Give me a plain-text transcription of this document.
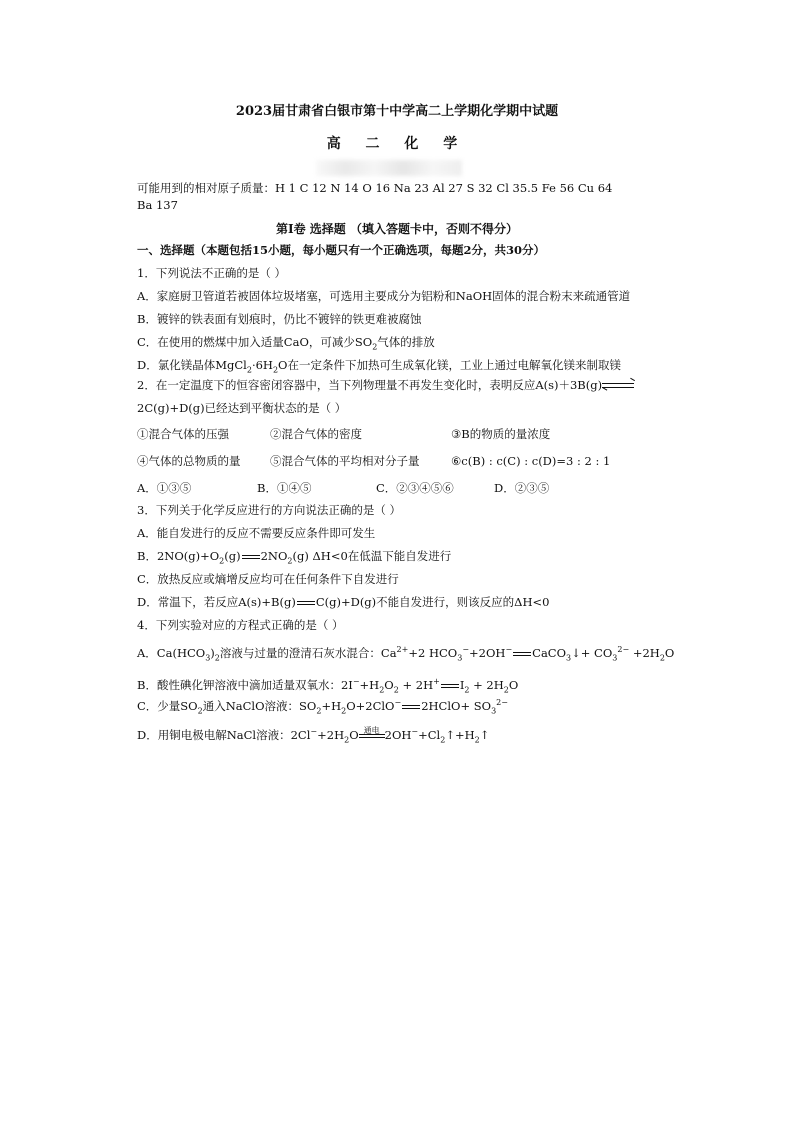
2023届甘肃省白银市第十中学高二上学期化学期中试题
高 二 化 学
可能用到的相对原子质量：H 1 C 12 N 14 O 16 Na 23 Al 27 S 32 Cl 35.5 Fe 56 Cu 64
Ba 137
第Ⅰ卷 选择题 （填入答题卡中，否则不得分）
一、选择题（本题包括15小题，每小题只有一个正确选项，每题2分，共30分）
1．下列说法不正确的是（ ）
A．家庭厨卫管道若被固体垃圾堵塞，可选用主要成分为铝粉和NaOH固体的混合粉末来疏通管道
B．镀锌的铁表面有划痕时，仍比不镀锌的铁更难被腐蚀
C．在使用的燃煤中加入适量CaO，可减少$SO_2$气体的排放
D．氯化镁晶体$MgCl_2\cdot 6H_2O$在一定条件下加热可生成氧化镁，工业上通过电解氧化镁来制取镁
2．在一定温度下的恒容密闭容器中，当下列物理量不再发生变化时，表明反应A(s)＋3B(g)⇌
2C(g)+D(g)已经达到平衡状态的是（ ）
①混合气体的压强	②混合气体的密度	③B的物质的量浓度
④气体的总物质的量	⑤混合气体的平均相对分子量	⑥c(B) : c(C) : c(D)=3 : 2 : 1
A．①③⑤	B．①④⑤	C．②③④⑤⑥	D．②③⑤
3．下列关于化学反应进行的方向说法正确的是（ ）
A．能自发进行的反应不需要反应条件即可发生
B．$2NO(g)+O_2(g)$ $2NO_2(g)$ ΔH<0在低温下能自发进行
C．放热反应或熵增反应均可在任何条件下自发进行
D．常温下，若反应A(s)+B(g) C(g)+D(g)不能自发进行，则该反应的ΔH<0
4．下列实验对应的方程式正确的是（ ）
A．$Ca(HCO_3)_2$溶液与过量的澄清石灰水混合：$Ca^{2+}+2$ $HCO_3^-+2OH^-$ CaCO$_3$↓+ $CO_3^{2-} +2H_2O$
B．酸性碘化钾溶液中滴加适量双氧水：$2I^-+H_2O_2 + 2H^+$ $I_2 + 2H_2O$
C．少量$SO_2$通入NaClO溶液：$SO_2+H_2O+2ClO^-$ 2HClO+ $SO_3^{2-}$
D．用铜电极电解NaCl溶液：$2Cl^-+2H_2O$ 通电 $2OH^-+Cl_2↑+H_2↑$
